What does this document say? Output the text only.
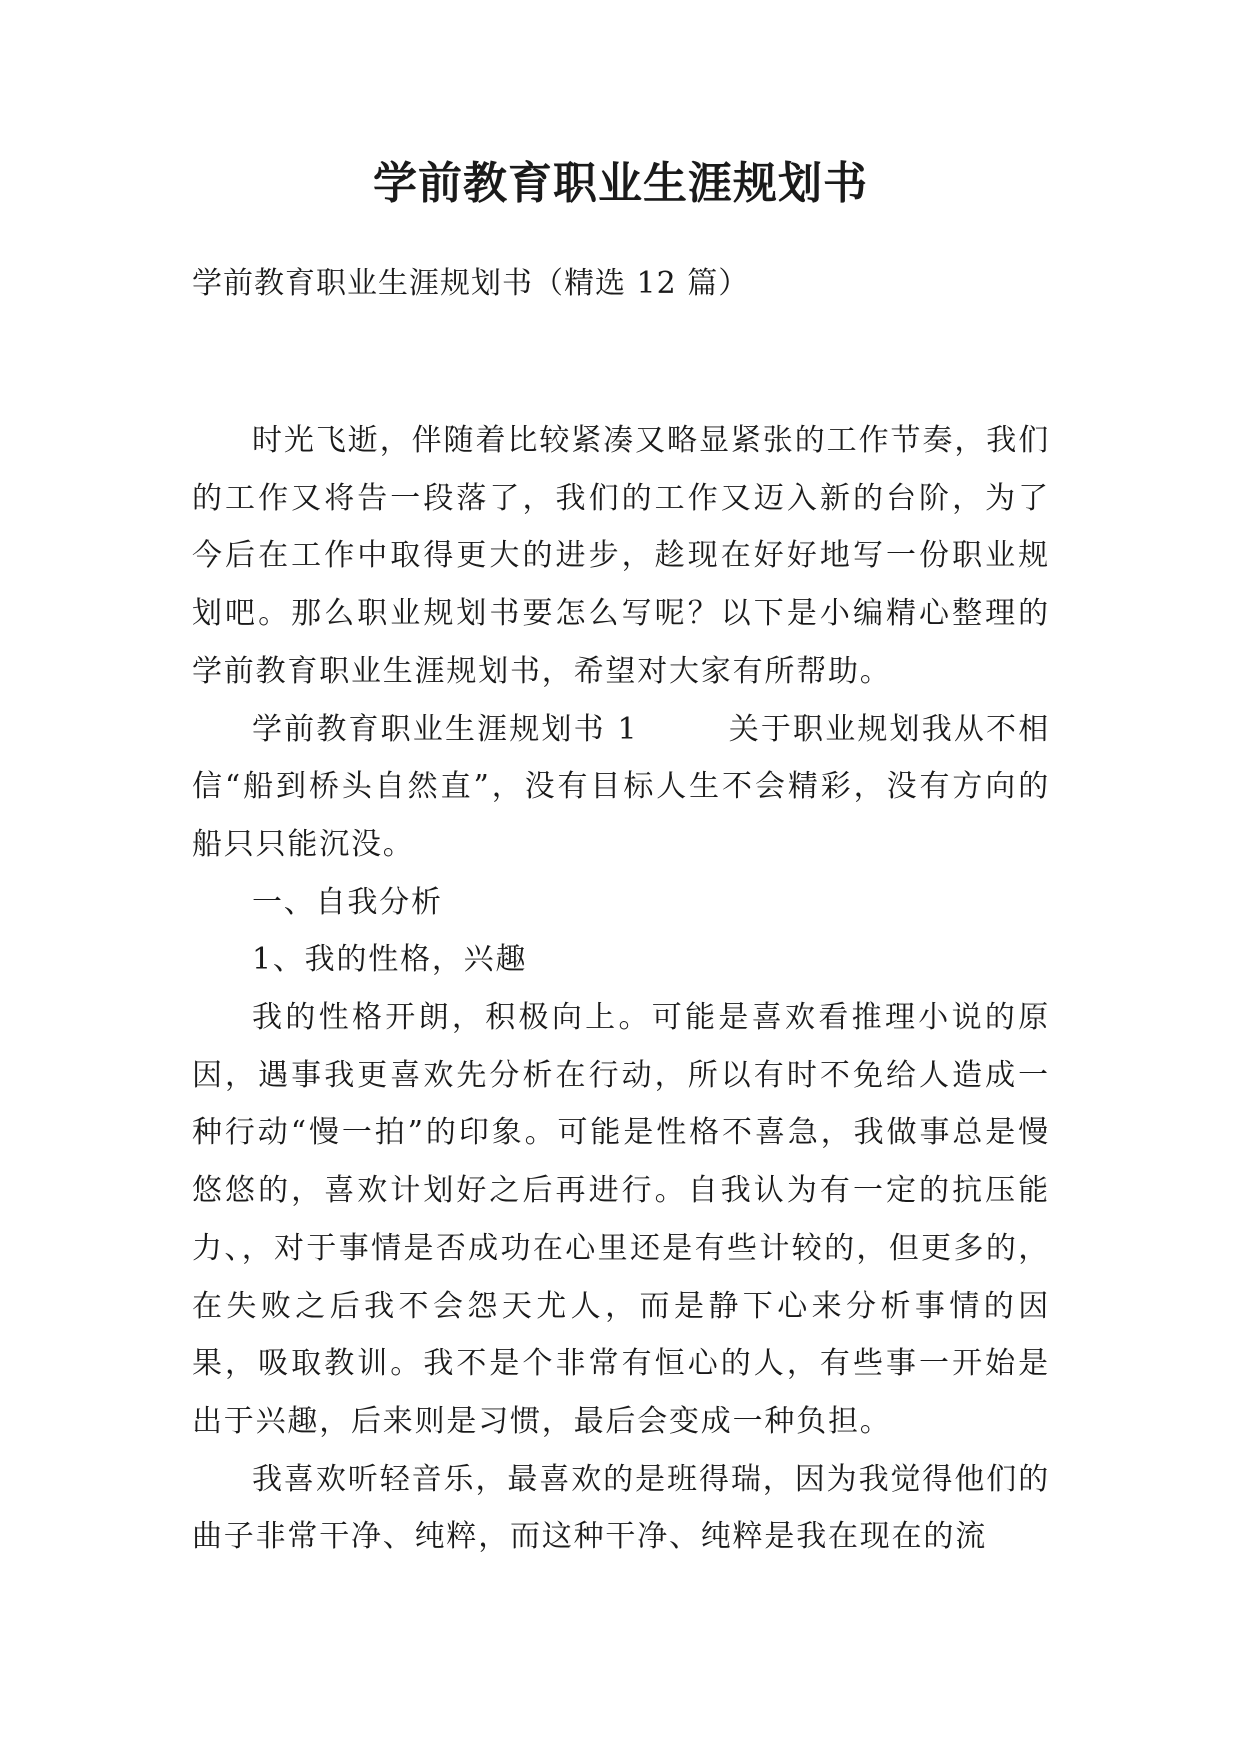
学前教育职业生涯规划书
学前教育职业生涯规划书（精选 12 篇）

时光飞逝，伴随着比较紧凑又略显紧张的工作节奏，我们的工作又将告一段落了，我们的工作又迈入新的台阶，为了今后在工作中取得更大的进步，趁现在好好地写一份职业规划吧。那么职业规划书要怎么写呢？以下是小编精心整理的学前教育职业生涯规划书，希望对大家有所帮助。

学前教育职业生涯规划书 1	关于职业规划我从不相信“船到桥头自然直”，没有目标人生不会精彩，没有方向的船只只能沉没。

一、自我分析

1、我的性格，兴趣

我的性格开朗，积极向上。可能是喜欢看推理小说的原因，遇事我更喜欢先分析在行动，所以有时不免给人造成一种行动“慢一拍”的印象。可能是性格不喜急，我做事总是慢悠悠的，喜欢计划好之后再进行。自我认为有一定的抗压能力、，对于事情是否成功在心里还是有些计较的，但更多的，在失败之后我不会怨天尤人，而是静下心来分析事情的因果，吸取教训。我不是个非常有恒心的人，有些事一开始是出于兴趣，后来则是习惯，最后会变成一种负担。

我喜欢听轻音乐，最喜欢的是班得瑞，因为我觉得他们的曲子非常干净、纯粹，而这种干净、纯粹是我在现在的流
